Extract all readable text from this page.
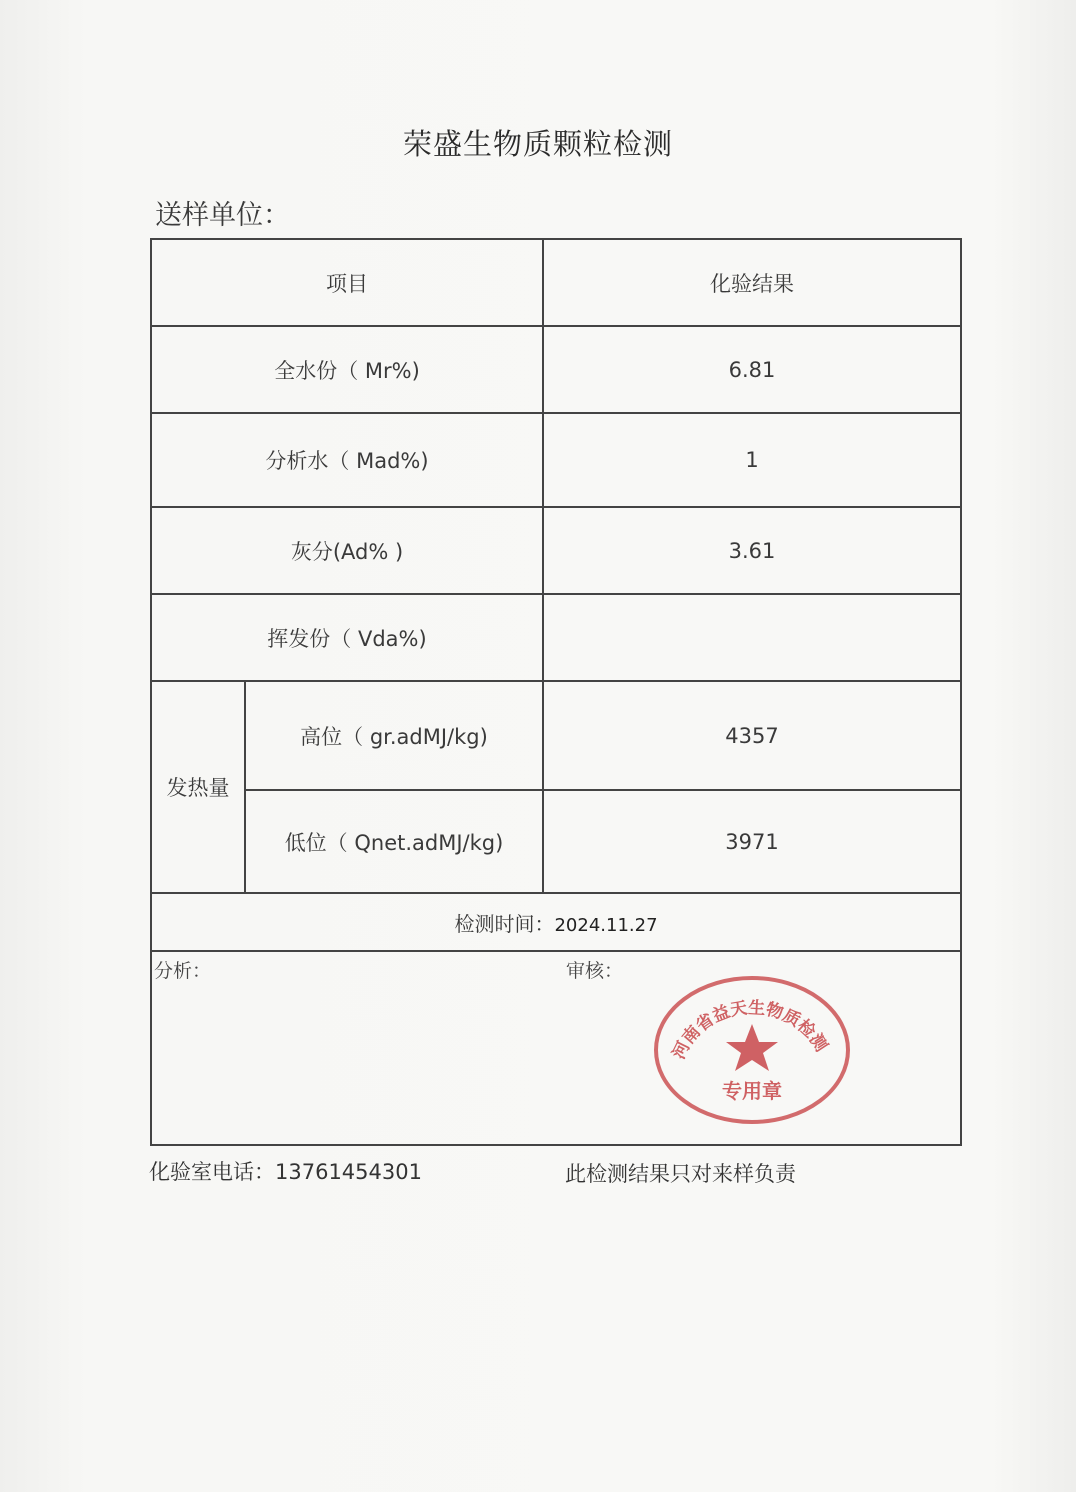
荣盛生物质颗粒检测
送样单位：
项目		化验结果
全水份（ Mr%)		6.81
分析水（ Mad%)		1
灰分(Ad% )		3.61
挥发份（ Vda%)		
发热量	高位（ gr.adMJ/kg)	4357
	低位（ Qnet.adMJ/kg)	3971
检测时间：2024.11.27		

分析： 审核：
河南省益天生物质检测
专用章		
化验室电话：13761454301	此检测结果只对来样负责
